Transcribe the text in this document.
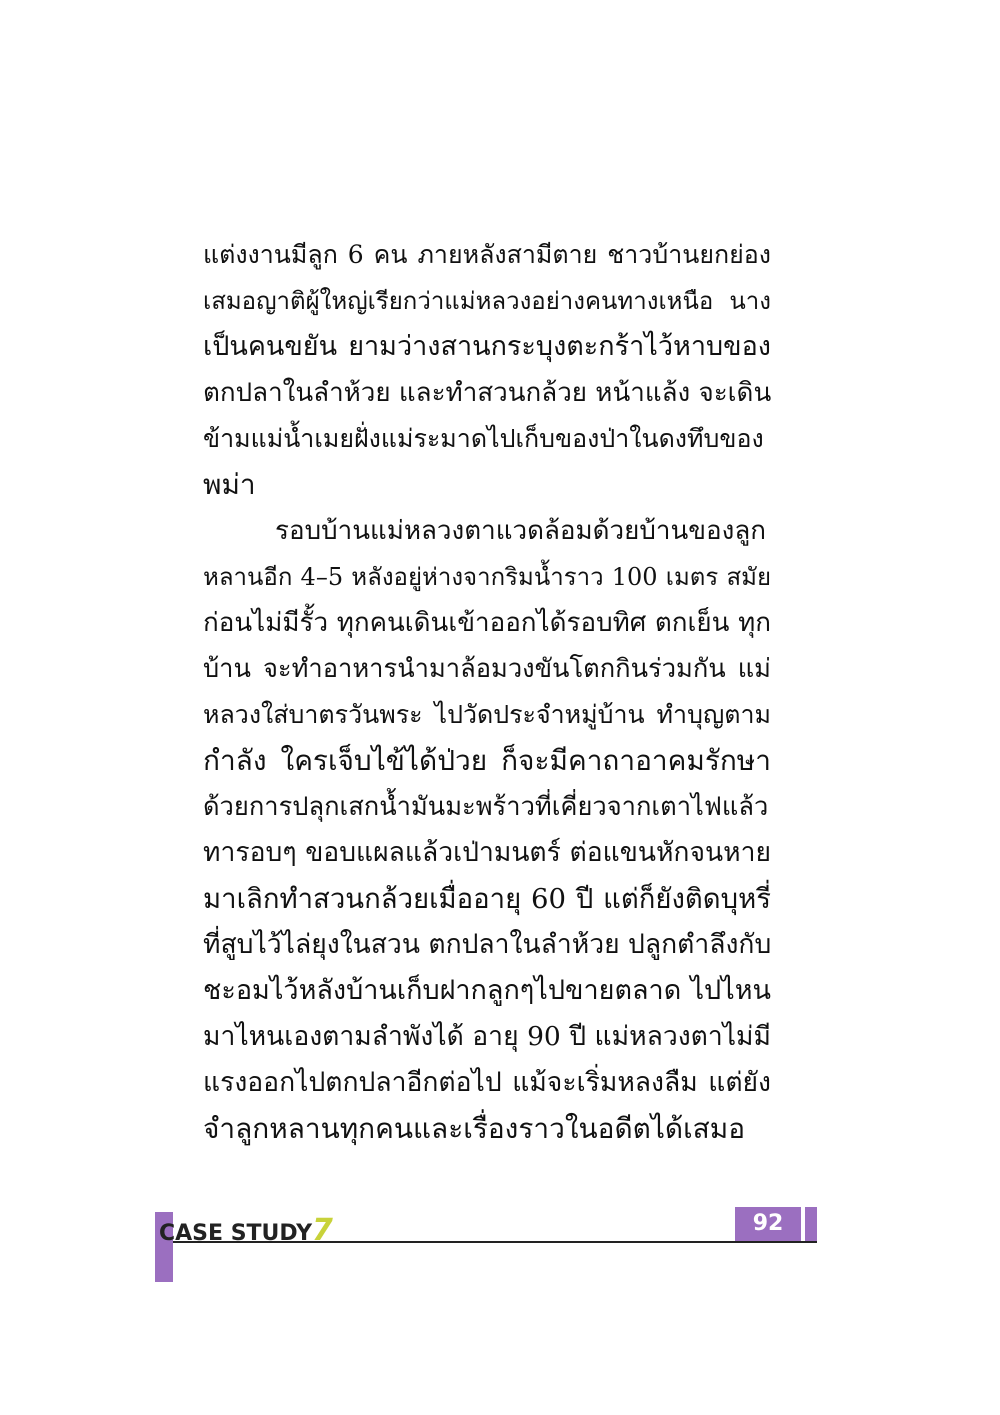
แต่งงานมีลูก 6 คน ภายหลังสามีตาย ชาวบ้านยกย่อง
เสมอญาติผู้ใหญ่เรียกว่าแม่หลวงอย่างคนทางเหนือ นาง
เป็นคนขยัน ยามว่างสานกระบุงตะกร้าไว้หาบของ
ตกปลาในลำห้วย และทำสวนกล้วย หน้าแล้ง จะเดิน
ข้ามแม่น้ำเมยฝั่งแม่ระมาดไปเก็บของป่าในดงทึบของ
พม่า

รอบบ้านแม่หลวงตาแวดล้อมด้วยบ้านของลูก
หลานอีก 4–5 หลังอยู่ห่างจากริมน้ำราว 100 เมตร สมัย
ก่อนไม่มีรั้ว ทุกคนเดินเข้าออกได้รอบทิศ ตกเย็น ทุก
บ้าน จะทำอาหารนำมาล้อมวงขันโตกกินร่วมกัน แม่
หลวงใส่บาตรวันพระ ไปวัดประจำหมู่บ้าน ทำบุญตาม
กำลัง ใครเจ็บไข้ได้ป่วย ก็จะมีคาถาอาคมรักษา
ด้วยการปลุกเสกน้ำมันมะพร้าวที่เคี่ยวจากเตาไฟแล้ว
ทารอบๆ ขอบแผลแล้วเป่ามนตร์ ต่อแขนหักจนหาย
มาเลิกทำสวนกล้วยเมื่ออายุ 60 ปี แต่ก็ยังติดบุหรี่
ที่สูบไว้ไล่ยุงในสวน ตกปลาในลำห้วย ปลูกตำลึงกับ
ชะอมไว้หลังบ้านเก็บฝากลูกๆไปขายตลาด ไปไหน
มาไหนเองตามลำพังได้ อายุ 90 ปี แม่หลวงตาไม่มี
แรงออกไปตกปลาอีกต่อไป แม้จะเริ่มหลงลืม แต่ยัง
จำลูกหลานทุกคนและเรื่องราวในอดีตได้เสมอ

CASE STUDY7	92
